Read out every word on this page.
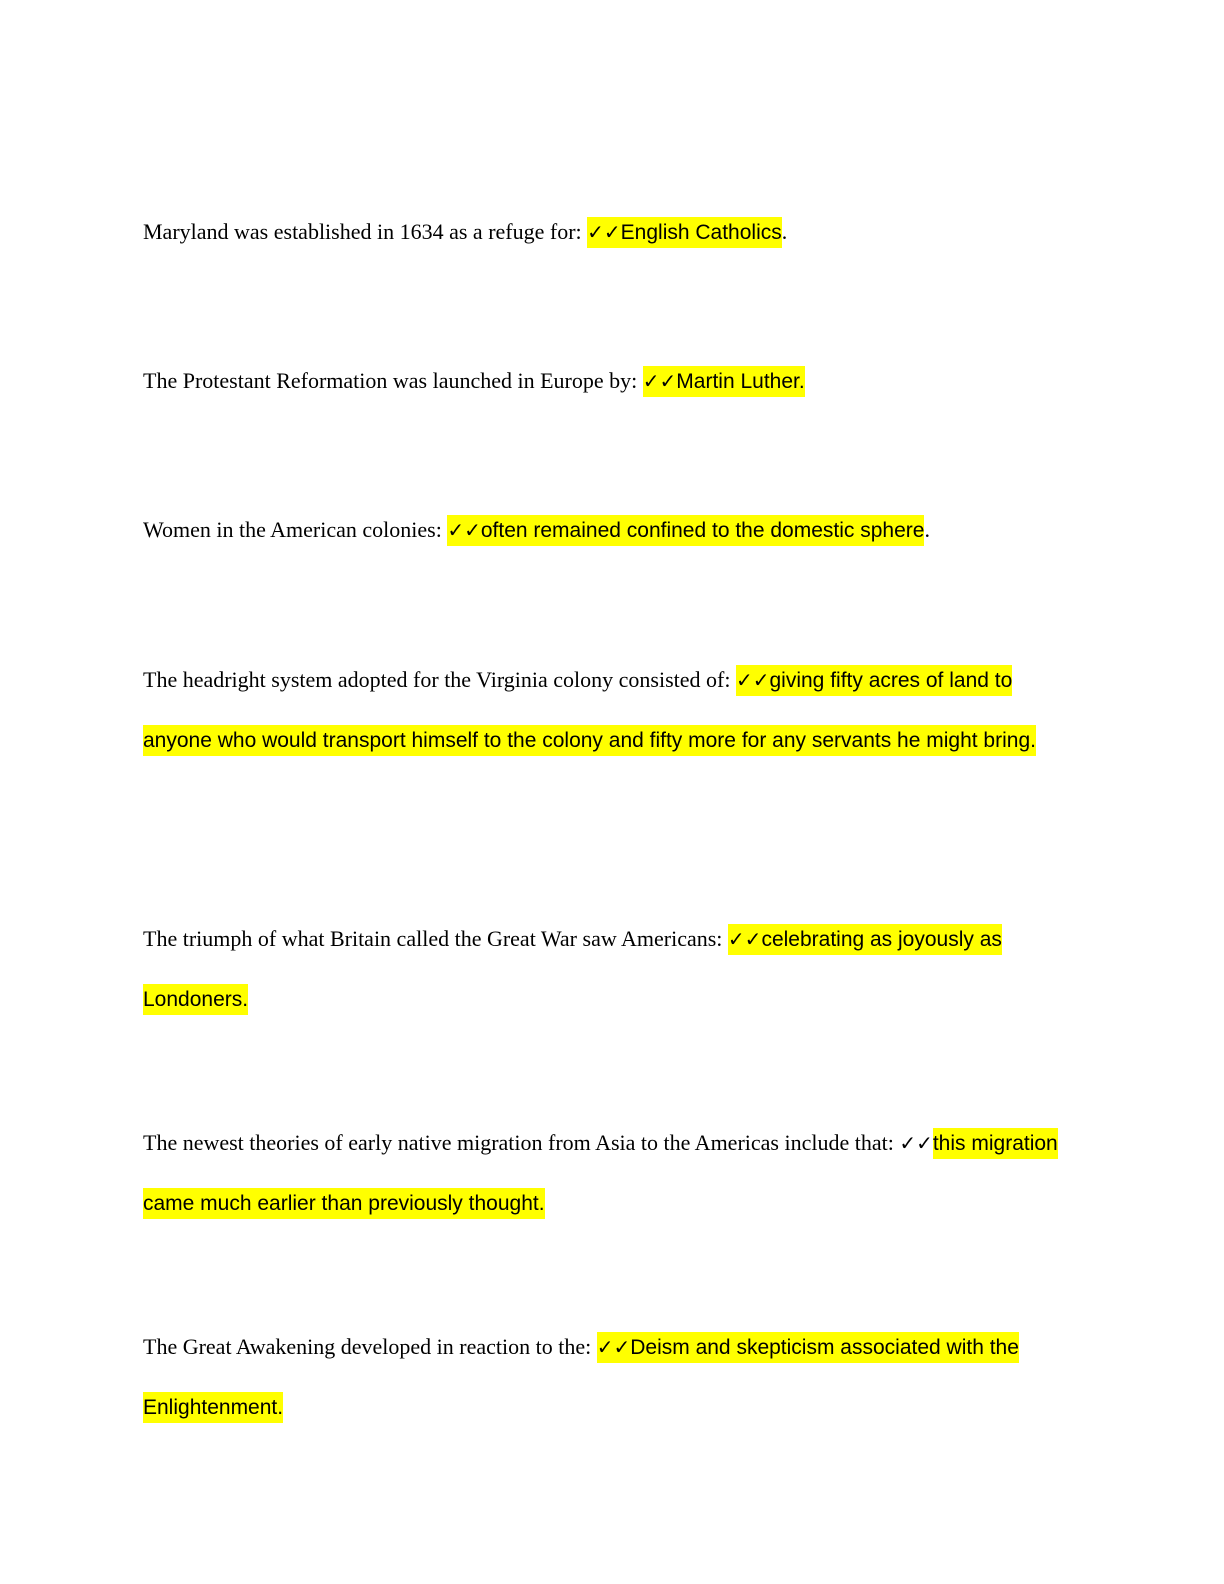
Maryland was established in 1634 as a refuge for: ✓✓English Catholics.

The Protestant Reformation was launched in Europe by: ✓✓Martin Luther.

Women in the American colonies: ✓✓often remained confined to the domestic sphere.

The headright system adopted for the Virginia colony consisted of: ✓✓giving fifty acres of land to anyone who would transport himself to the colony and fifty more for any servants he might bring.

The triumph of what Britain called the Great War saw Americans: ✓✓celebrating as joyously as Londoners.

The newest theories of early native migration from Asia to the Americas include that: ✓✓this migration came much earlier than previously thought.

The Great Awakening developed in reaction to the: ✓✓Deism and skepticism associated with the Enlightenment.
